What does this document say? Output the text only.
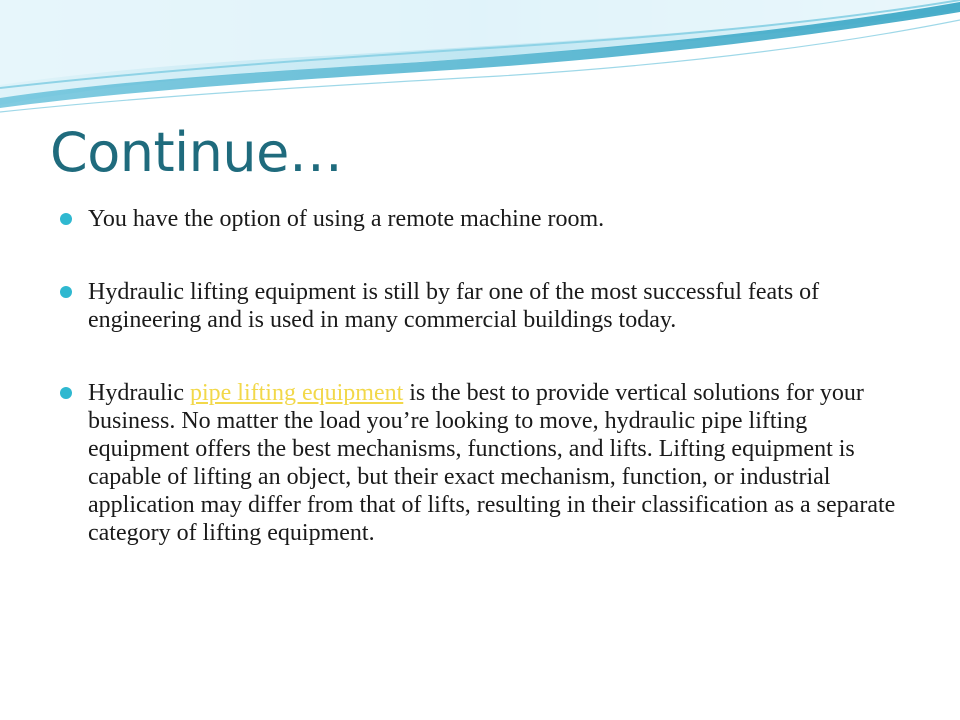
Continue…
You have the option of using a remote machine room.
Hydraulic lifting equipment is still by far one of the most successful feats of engineering and is used in many commercial buildings today.
Hydraulic pipe lifting equipment is the best to provide vertical solutions for your business. No matter the load you’re looking to move, hydraulic pipe lifting equipment offers the best mechanisms, functions, and lifts. Lifting equipment is capable of lifting an object, but their exact mechanism, function, or industrial application may differ from that of lifts, resulting in their classification as a separate category of lifting equipment.
